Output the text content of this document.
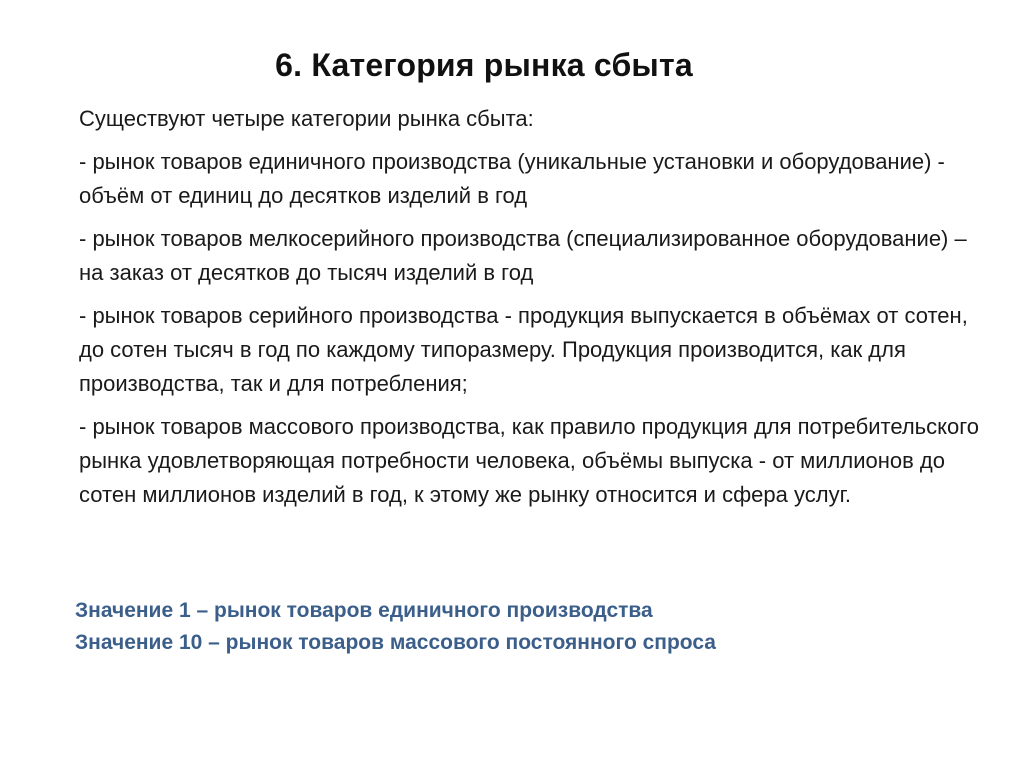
6. Категория рынка сбыта

Существуют четыре категории рынка сбыта:

- рынок товаров единичного производства (уникальные установки и оборудование) - объём от единиц до десятков изделий в год

- рынок товаров мелкосерийного производства (специализированное оборудование) – на заказ от десятков до тысяч изделий в год

- рынок товаров серийного производства - продукция выпускается в объёмах от сотен, до сотен тысяч в год по каждому типоразмеру. Продукция производится, как для производства, так и для потребления;

- рынок товаров массового производства, как правило продукция для потребительского рынка удовлетворяющая потребности человека, объёмы выпуска - от миллионов до сотен миллионов изделий в год, к этому же рынку относится и сфера услуг.

Значение 1 – рынок товаров единичного производства
Значение 10 – рынок товаров массового постоянного спроса
